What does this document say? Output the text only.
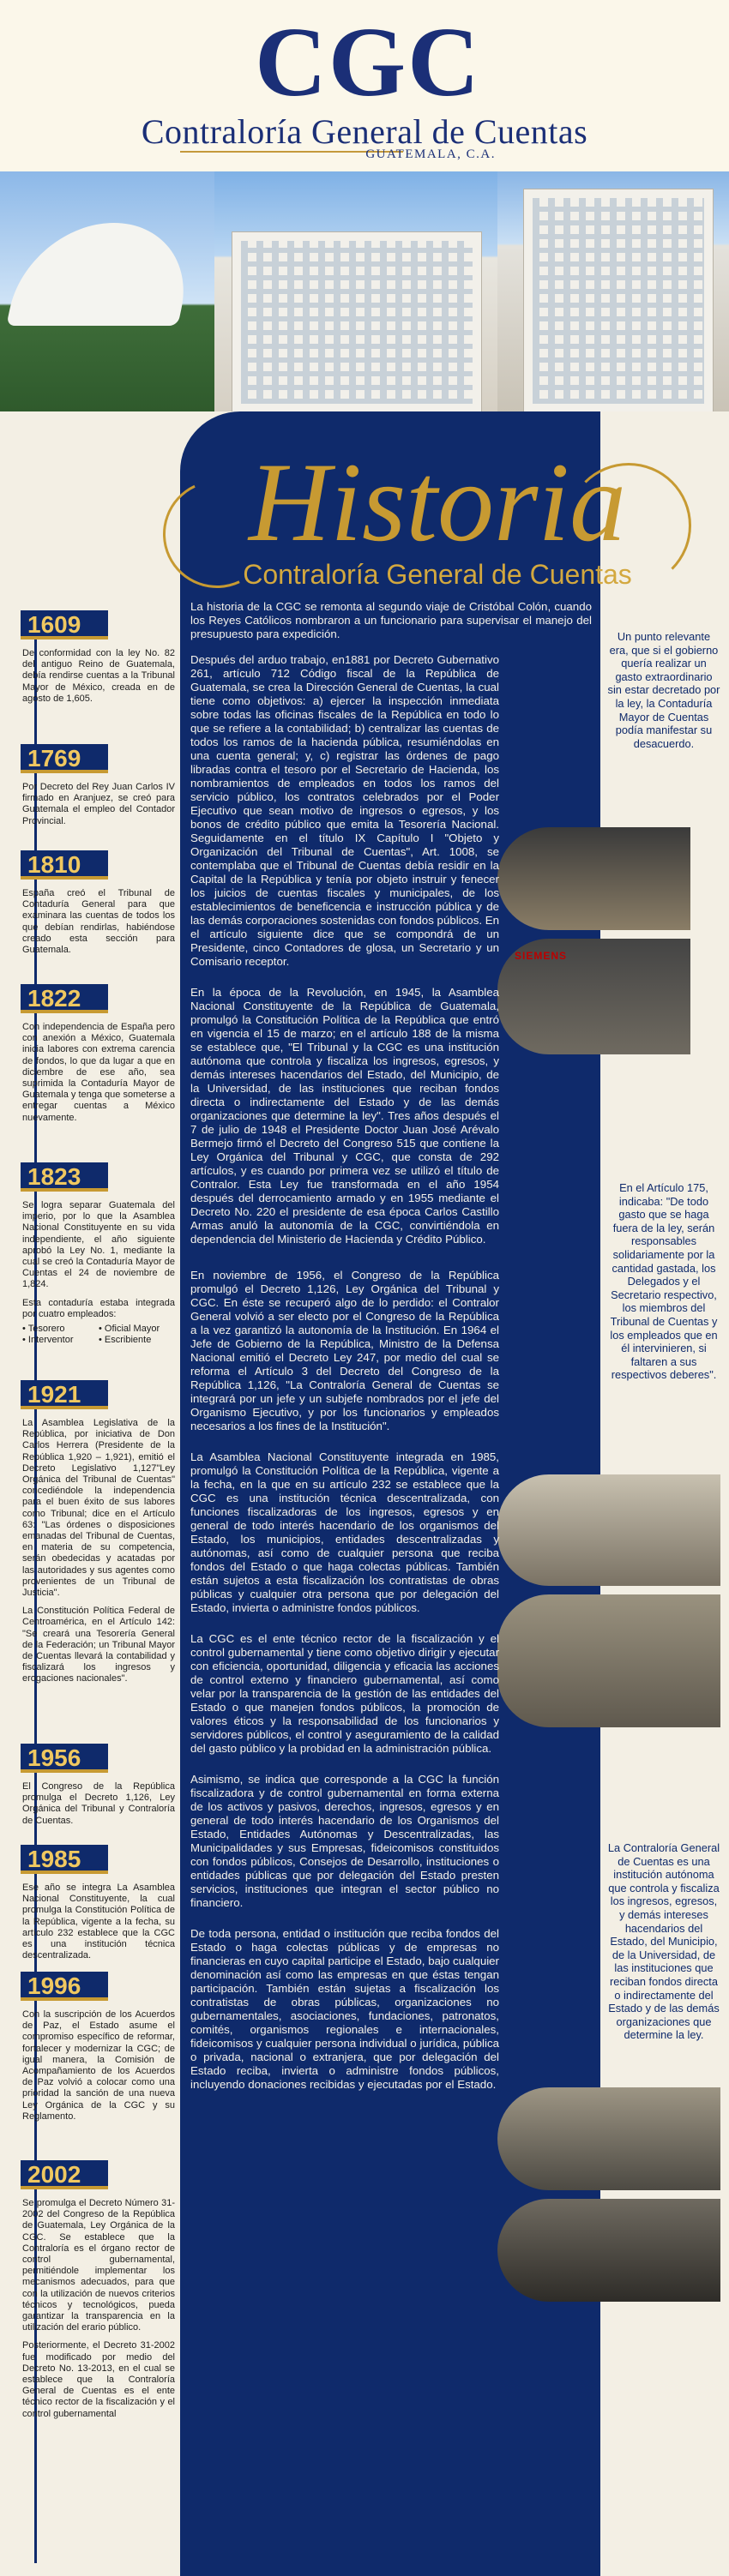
C G C
Contraloría General de Cuentas
GUATEMALA, C.A.
Historia
Contraloría General de Cuentas
SIEMENS

La historia de la CGC se remonta al segundo viaje de Cristóbal Colón, cuando los Reyes Católicos nombraron a un funcionario para supervisar el manejo del presupuesto para expedición.

Después del arduo trabajo, en1881 por Decreto Gubernativo 261, artículo 712 Código fiscal de la República de Guatemala, se crea la Dirección General de Cuentas, la cual tiene como objetivos: a) ejercer la inspección inmediata sobre todas las oficinas fiscales de la República en todo lo que se refiere a la contabilidad; b) centralizar las cuentas de todos los ramos de la hacienda pública, resumiéndolas en una cuenta general; y, c) registrar las órdenes de pago libradas contra el tesoro por el Secretario de Hacienda, los nombramientos de empleados en todos los ramos del servicio público, los contratos celebrados por el Poder Ejecutivo que sean motivo de ingresos o egresos, y los bonos de crédito público que emita la Tesorería Nacional. Seguidamente en el título IX Capítulo I "Objeto y Organización del Tribunal de Cuentas", Art. 1008, se contemplaba que el Tribunal de Cuentas debía residir en la Capital de la República y tenía por objeto instruir y fenecer los juicios de cuentas fiscales y municipales, de los establecimientos de beneficencia e instrucción pública y de las demás corporaciones sostenidas con fondos públicos. En el artículo siguiente dice que se compondrá de un Presidente, cinco Contadores de glosa, un Secretario y un Comisario receptor.

En la época de la Revolución, en 1945, la Asamblea Nacional Constituyente de la República de Guatemala, promulgó la Constitución Política de la República que entró en vigencia el 15 de marzo; en el artículo 188 de la misma se establece que, "El Tribunal y la CGC es una institución autónoma que controla y fiscaliza los ingresos, egresos, y demás intereses hacendarios del Estado, del Municipio, de la Universidad, de las instituciones que reciban fondos directa o indirectamente del Estado y de las demás organizaciones que determine la ley". Tres años después el 7 de julio de 1948 el Presidente Doctor Juan José Arévalo Bermejo firmó el Decreto del Congreso 515 que contiene la Ley Orgánica del Tribunal y CGC, que consta de 292 artículos, y es cuando por primera vez se utilizó el título de Contralor. Esta Ley fue transformada en el año 1954 después del derrocamiento armado y en 1955 mediante el Decreto No. 220 el presidente de esa época Carlos Castillo Armas anuló la autonomía de la CGC, convirtiéndola en dependencia del Ministerio de Hacienda y Crédito Público.

En noviembre de 1956, el Congreso de la República promulgó el Decreto 1,126, Ley Orgánica del Tribunal y CGC. En éste se recuperó algo de lo perdido: el Contralor General volvió a ser electo por el Congreso de la República a la vez garantizó la autonomía de la Institución. En 1964 el Jefe de Gobierno de la República, Ministro de la Defensa Nacional emitió el Decreto Ley 247, por medio del cual se reforma el Artículo 3 del Decreto del Congreso de la República 1,126, "La Contraloría General de Cuentas se integrará por un jefe y un subjefe nombrados por el jefe del Organismo Ejecutivo, y por los funcionarios y empleados necesarios a los fines de la Institución".

La Asamblea Nacional Constituyente integrada en 1985, promulgó la Constitución Política de la República, vigente a la fecha, en la que en su artículo 232 se establece que la CGC es una institución técnica descentralizada, con funciones fiscalizadoras de los ingresos, egresos y en general de todo interés hacendario de los organismos del Estado, los municipios, entidades descentralizadas y autónomas, así como de cualquier persona que reciba fondos del Estado o que haga colectas públicas. También están sujetos a esta fiscalización los contratistas de obras públicas y cualquier otra persona que por delegación del Estado, invierta o administre fondos públicos.

La CGC es el ente técnico rector de la fiscalización y el control gubernamental y tiene como objetivo dirigir y ejecutar con eficiencia, oportunidad, diligencia y eficacia las acciones de control externo y financiero gubernamental, así como velar por la transparencia de la gestión de las entidades del Estado o que manejen fondos públicos, la promoción de valores éticos y la responsabilidad de los funcionarios y servidores públicos, el control y aseguramiento de la calidad del gasto público y la probidad en la administración pública.

Asimismo, se indica que corresponde a la CGC la función fiscalizadora y de control gubernamental en forma externa de los activos y pasivos, derechos, ingresos, egresos y en general de todo interés hacendario de los Organismos del Estado, Entidades Autónomas y Descentralizadas, las Municipalidades y sus Empresas, fideicomisos constituidos con fondos públicos, Consejos de Desarrollo, instituciones o entidades públicas que por delegación del Estado presten servicios, instituciones que integran el sector público no financiero.

De toda persona, entidad o institución que reciba fondos del Estado o haga colectas públicas y de empresas no financieras en cuyo capital participe el Estado, bajo cualquier denominación así como las empresas en que éstas tengan participación. También están sujetas a fiscalización los contratistas de obras públicas, organizaciones no gubernamentales, asociaciones, fundaciones, patronatos, comités, organismos regionales e internacionales, fideicomisos y cualquier persona individual o jurídica, pública o privada, nacional o extranjera, que por delegación del Estado reciba, invierta o administre fondos públicos, incluyendo donaciones recibidas y ejecutadas por el Estado.

1609

De conformidad con la ley No. 82 del antiguo Reino de Guatemala, debía rendirse cuentas a la Tribunal Mayor de México, creada en de agosto de 1,605.

1769

Por Decreto del Rey Juan Carlos IV firmado en Aranjuez, se creó para Guatemala el empleo del Contador Provincial.

1810

España creó el Tribunal de Contaduría General para que examinara las cuentas de todos los que debían rendirlas, habiéndose creado esta sección para Guatemala.

1822

Con independencia de España pero con anexión a México, Guatemala inicia labores con extrema carencia de fondos, lo que da lugar a que en diciembre de ese año, sea suprimida la Contaduría Mayor de Guatemala y tenga que someterse a entregar cuentas a México nuevamente.

1823

Se logra separar Guatemala del imperio, por lo que la Asamblea Nacional Constituyente en su vida independiente, el año siguiente aprobó la Ley No. 1, mediante la cual se creó la Contaduría Mayor de Cuentas el 24 de noviembre de 1,824.

Esta contaduría estaba integrada por cuatro empleados:

• Tesorero	• Oficial Mayor
• Interventor	• Escribiente
1921

La Asamblea Legislativa de la República, por iniciativa de Don Carlos Herrera (Presidente de la República 1,920 – 1,921), emitió el Decreto Legislativo 1,127"Ley Orgánica del Tribunal de Cuentas" concediéndole la independencia para el buen éxito de sus labores como Tribunal; dice en el Artículo 63: "Las órdenes o disposiciones emanadas del Tribunal de Cuentas, en materia de su competencia, serán obedecidas y acatadas por las autoridades y sus agentes como provenientes de un Tribunal de Justicia".

La Constitución Política Federal de Centroamérica, en el Artículo 142: "Se creará una Tesorería General de la Federación; un Tribunal Mayor de Cuentas llevará la contabilidad y fiscalizará los ingresos y erogaciones nacionales".

1956

El Congreso de la República promulga el Decreto 1,126, Ley Orgánica del Tribunal y Contraloría de Cuentas.

1985

Ese año se integra La Asamblea Nacional Constituyente, la cual promulga la Constitución Política de la República, vigente a la fecha, su artículo 232 establece que la CGC es una institución técnica descentralizada.

1996

Con la suscripción de los Acuerdos de Paz, el Estado asume el compromiso específico de reformar, fortalecer y modernizar la CGC; de igual manera, la Comisión de Acompañamiento de los Acuerdos de Paz volvió a colocar como una prioridad la sanción de una nueva Ley Orgánica de la CGC y su Reglamento.

2002

Se promulga el Decreto Número 31-2002 del Congreso de la República de Guatemala, Ley Orgánica de la CGC. Se establece que la Contraloría es el órgano rector de control gubernamental, permitiéndole implementar los mecanismos adecuados, para que con la utilización de nuevos criterios técnicos y tecnológicos, pueda garantizar la transparencia en la utilización del erario público.

Posteriormente, el Decreto 31-2002 fue modificado por medio del Decreto No. 13-2013, en el cual se establece que la Contraloría General de Cuentas es el ente técnico rector de la fiscalización y el control gubernamental

Un punto relevante era, que si el gobierno quería realizar un gasto extraordinario sin estar decretado por la ley, la Contaduría Mayor de Cuentas podía manifestar su desacuerdo.
En el Artículo 175, indicaba: "De todo gasto que se haga fuera de la ley, serán responsables solidariamente por la cantidad gastada, los Delegados y el Secretario respectivo, los miembros del Tribunal de Cuentas y los empleados que en él intervinieren, si faltaren a sus respectivos deberes".
La Contraloría General de Cuentas es una institución autónoma que controla y fiscaliza los ingresos, egresos, y demás intereses hacendarios del Estado, del Municipio, de la Universidad, de las instituciones que reciban fondos directa o indirectamente del Estado y de las demás organizaciones que determine la ley.
